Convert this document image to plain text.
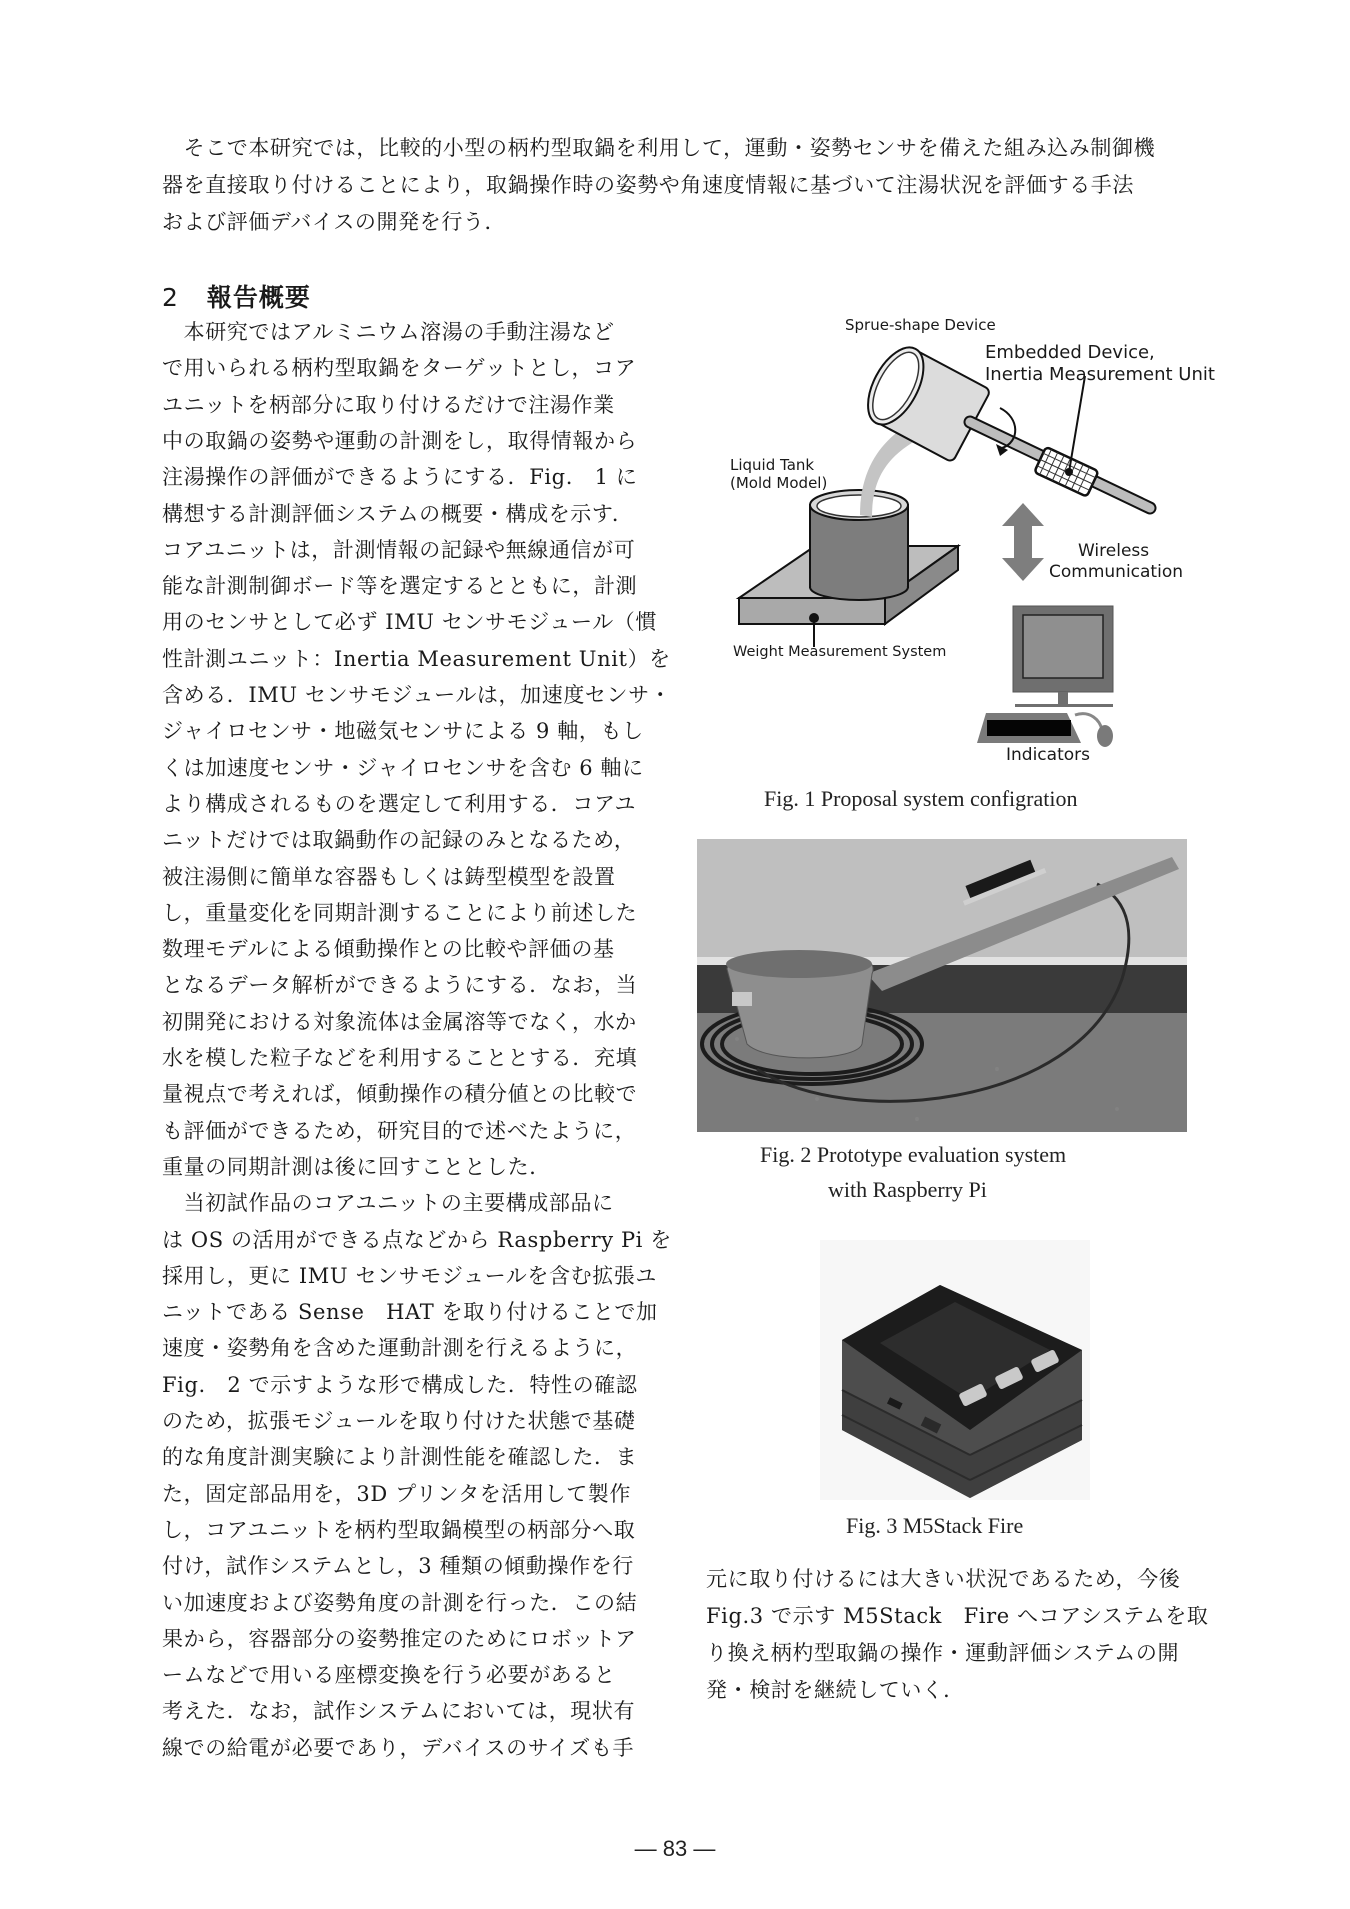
　そこで本研究では，比較的小型の柄杓型取鍋を利用して，運動・姿勢センサを備えた組み込み制御機
器を直接取り付けることにより，取鍋操作時の姿勢や角速度情報に基づいて注湯状況を評価する手法
および評価デバイスの開発を行う．
2 報告概要
　本研究ではアルミニウム溶湯の手動注湯など
で用いられる柄杓型取鍋をターゲットとし，コア
ユニットを柄部分に取り付けるだけで注湯作業
中の取鍋の姿勢や運動の計測をし，取得情報から
注湯操作の評価ができるようにする．Fig.　1 に
構想する計測評価システムの概要・構成を示す．
コアユニットは，計測情報の記録や無線通信が可
能な計測制御ボード等を選定するとともに，計測
用のセンサとして必ず IMU センサモジュール（慣
性計測ユニット：Inertia Measurement Unit）を
含める．IMU センサモジュールは，加速度センサ・
ジャイロセンサ・地磁気センサによる 9 軸，もし
くは加速度センサ・ジャイロセンサを含む 6 軸に
より構成されるものを選定して利用する．コアユ
ニットだけでは取鍋動作の記録のみとなるため，
被注湯側に簡単な容器もしくは鋳型模型を設置
し，重量変化を同期計測することにより前述した
数理モデルによる傾動操作との比較や評価の基
となるデータ解析ができるようにする．なお，当
初開発における対象流体は金属溶等でなく，水か
水を模した粒子などを利用することとする．充填
量視点で考えれば，傾動操作の積分値との比較で
も評価ができるため，研究目的で述べたように，
重量の同期計測は後に回すこととした．
　当初試作品のコアユニットの主要構成部品に
は OS の活用ができる点などから Raspberry Pi を
採用し，更に IMU センサモジュールを含む拡張ユ
ニットである Sense　HAT を取り付けることで加
速度・姿勢角を含めた運動計測を行えるように，
Fig.　2 で示すような形で構成した．特性の確認
のため，拡張モジュールを取り付けた状態で基礎
的な角度計測実験により計測性能を確認した．ま
た，固定部品用を，3D プリンタを活用して製作
し，コアユニットを柄杓型取鍋模型の柄部分へ取
付け，試作システムとし，3 種類の傾動操作を行
い加速度および姿勢角度の計測を行った．この結
果から，容器部分の姿勢推定のためにロボットア
ームなどで用いる座標変換を行う必要があると
考えた．なお，試作システムにおいては，現状有
線での給電が必要であり，デバイスのサイズも手
Sprue-shape Device
Embedded Device,
Inertia Measurement Unit
Liquid Tank
(Mold Model)
Wireless
Communication
Weight Measurement System
Indicators
Fig. 1 Proposal system configration
Fig. 2 Prototype evaluation system
with Raspberry Pi
Fig. 3 M5Stack Fire
元に取り付けるには大きい状況であるため，今後
Fig.3 で示す M5Stack　Fire へコアシステムを取
り換え柄杓型取鍋の操作・運動評価システムの開
発・検討を継続していく．
— 83 —
